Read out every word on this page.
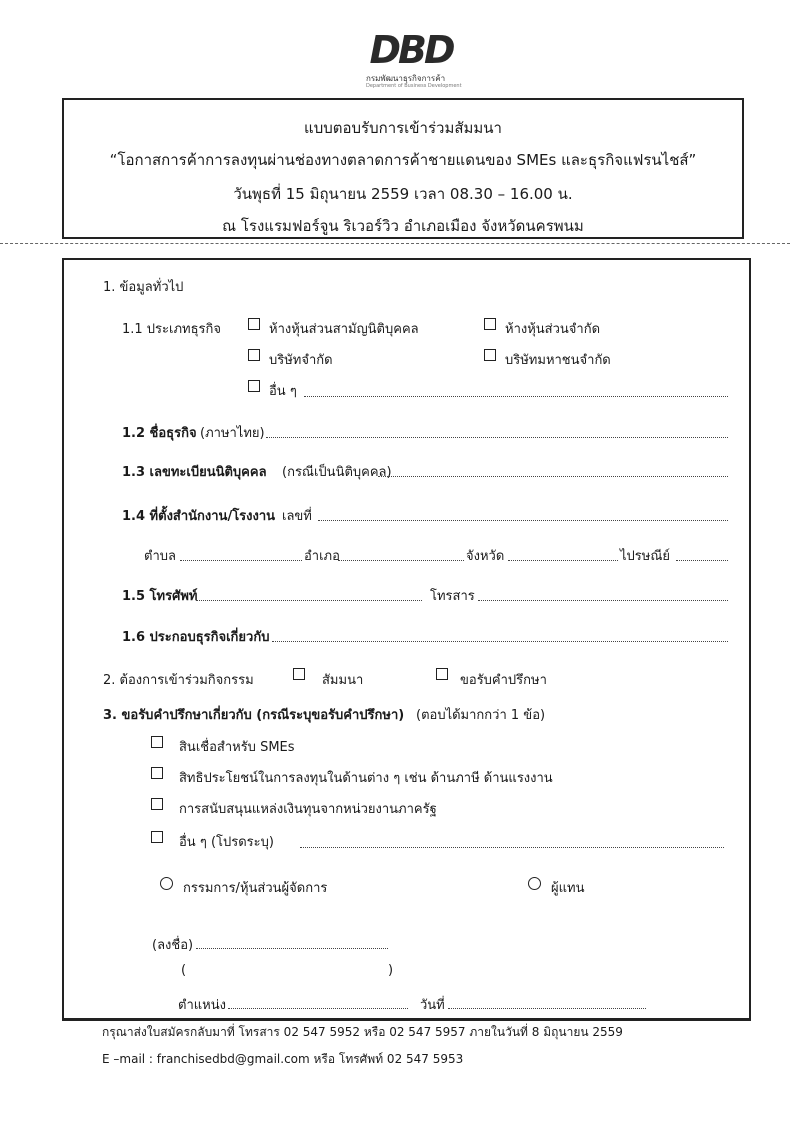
DBD
กรมพัฒนาธุรกิจการค้า
Department of Business Development
แบบตอบรับการเข้าร่วมสัมมนา
“โอกาสการค้าการลงทุนผ่านช่องทางตลาดการค้าชายแดนของ SMEs และธุรกิจแฟรนไชส์”
วันพุธที่ 15 มิถุนายน 2559 เวลา 08.30 – 16.00 น.
ณ โรงแรมฟอร์จูน ริเวอร์วิว อำเภอเมือง จังหวัดนครพนม
1. ข้อมูลทั่วไป
1.1 ประเภทธุรกิจ	ห้างหุ้นส่วนสามัญนิติบุคคล	ห้างหุ้นส่วนจำกัด
บริษัทจำกัด	บริษัทมหาชนจำกัด
อื่น ๆ
1.2 ชื่อธุรกิจ (ภาษาไทย)
1.3 เลขทะเบียนนิติบุคคล (กรณีเป็นนิติบุคคล)
1.4 ที่ตั้งสำนักงาน/โรงงาน เลขที่
ตำบล	อำเภอ	จังหวัด	ไปรษณีย์
1.5 โทรศัพท์	โทรสาร
1.6 ประกอบธุรกิจเกี่ยวกับ
2. ต้องการเข้าร่วมกิจกรรม	สัมมนา	ขอรับคำปรึกษา
3. ขอรับคำปรึกษาเกี่ยวกับ (กรณีระบุขอรับคำปรึกษา) (ตอบได้มากกว่า 1 ข้อ)
สินเชื่อสำหรับ SMEs
สิทธิประโยชน์ในการลงทุนในด้านต่าง ๆ เช่น ด้านภาษี ด้านแรงงาน
การสนับสนุนแหล่งเงินทุนจากหน่วยงานภาครัฐ
อื่น ๆ (โปรดระบุ)
กรรมการ/หุ้นส่วนผู้จัดการ	ผู้แทน
(ลงชื่อ)
(	)
ตำแหน่ง	วันที่
กรุณาส่งใบสมัครกลับมาที่ โทรสาร 02 547 5952 หรือ 02 547 5957 ภายในวันที่ 8 มิถุนายน 2559
E –mail : franchisedbd@gmail.com หรือ โทรศัพท์ 02 547 5953
